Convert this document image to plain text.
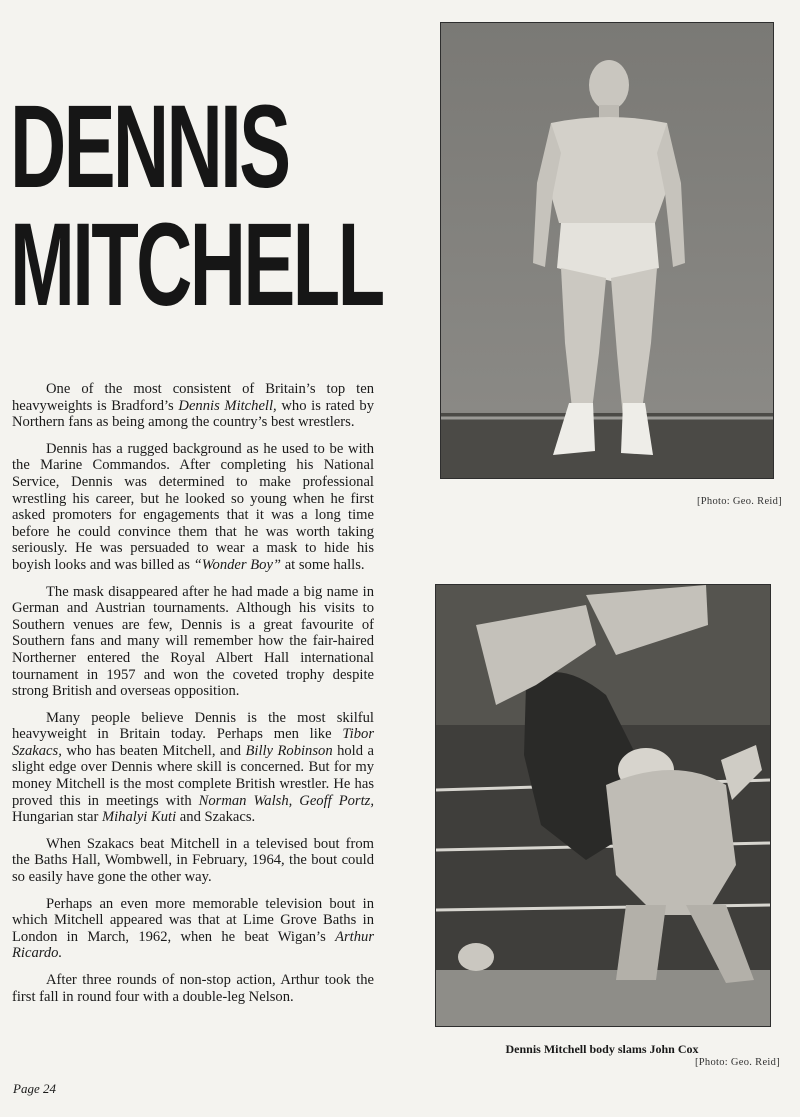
DENNIS
MITCHELL

One of the most consistent of Britain’s top ten heavyweights is Bradford’s Dennis Mitchell, who is rated by Northern fans as being among the country’s best wrestlers.

Dennis has a rugged background as he used to be with the Marine Commandos. After completing his National Service, Dennis was determined to make professional wrestling his career, but he looked so young when he first asked promoters for engagements that it was a long time before he could convince them that he was worth taking seriously. He was persuaded to wear a mask to hide his boyish looks and was billed as “Wonder Boy” at some halls.

The mask disappeared after he had made a big name in German and Austrian tournaments. Although his visits to Southern venues are few, Dennis is a great favourite of Southern fans and many will remember how the fair-haired Northerner entered the Royal Albert Hall international tournament in 1957 and won the coveted trophy despite strong British and overseas opposition.

Many people believe Dennis is the most skilful heavyweight in Britain today. Perhaps men like Tibor Szakacs, who has beaten Mitchell, and Billy Robinson hold a slight edge over Dennis where skill is concerned. But for my money Mitchell is the most complete British wrestler. He has proved this in meetings with Norman Walsh, Geoff Portz, Hungarian star Mihalyi Kuti and Szakacs.

When Szakacs beat Mitchell in a televised bout from the Baths Hall, Wombwell, in February, 1964, the bout could so easily have gone the other way.

Perhaps an even more memorable television bout in which Mitchell appeared was that at Lime Grove Baths in London in March, 1962, when he beat Wigan’s Arthur Ricardo.

After three rounds of non-stop action, Arthur took the first fall in round four with a double-leg Nelson.

[Photo: Geo. Reid]
Dennis Mitchell body slams John Cox
[Photo: Geo. Reid]
Page 24
